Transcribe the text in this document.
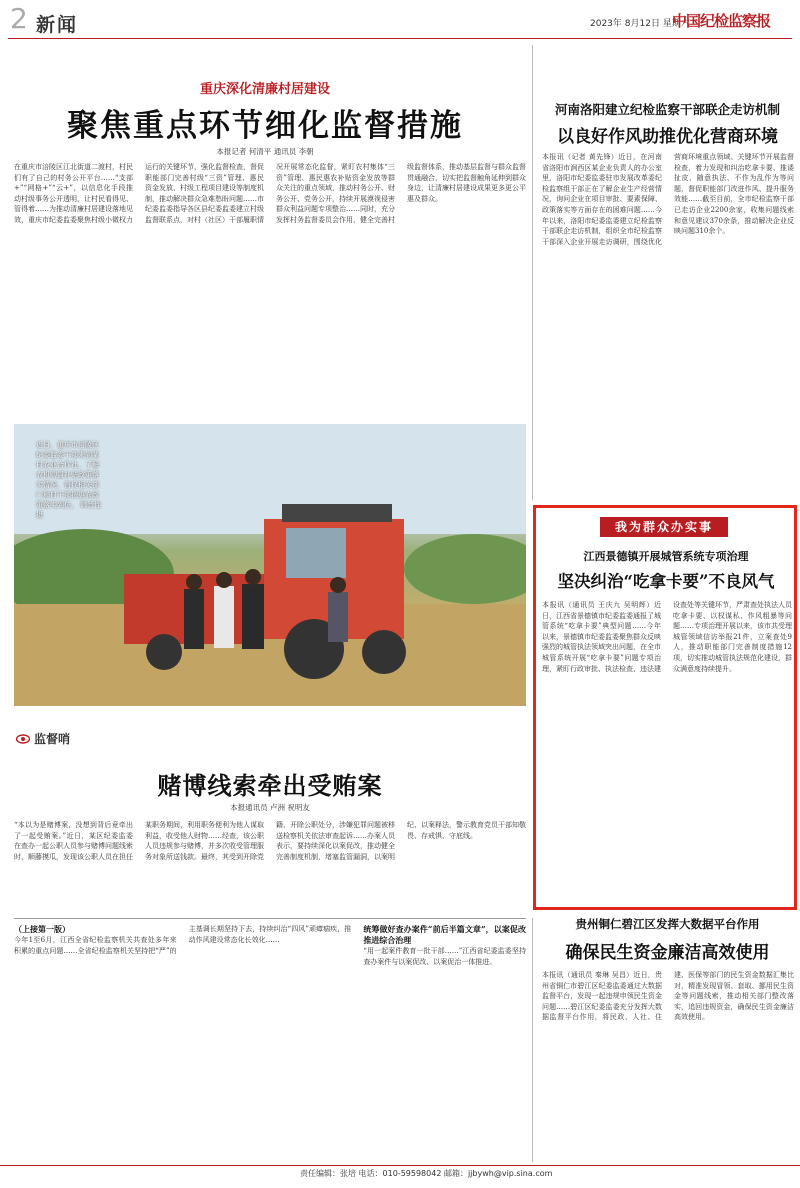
2 新闻	2023年 8月12日 星期六
中国纪检监察报
重庆深化清廉村居建设
聚焦重点环节细化监督措施
本报记者 何清平 通讯员 李朝
在重庆市涪陵区江北街道二渡村，村民们有了自己的村务公开平台……“支部+”“网格+”“云+”，以信息化手段推动村级事务公开透明，让村民看得见、管得着……为推动清廉村居建设落地见效，重庆市纪委监委聚焦村级小微权力运行的关键环节，强化监督检查，督促职能部门完善村级“三资”管理、惠民资金发放、村级工程项目建设等制度机制，推动解决群众急难愁盼问题……市纪委监委指导各区县纪委监委建立村级监督联系点，对村（社区）干部履职情况开展常态化监督，紧盯农村集体“三资”管理、惠民惠农补贴资金发放等群众关注的重点领域，推动村务公开、财务公开、党务公开，持续开展漠视侵害群众利益问题专项整治……同时，充分发挥村务监督委员会作用，健全完善村级监督体系，推动基层监督与群众监督贯通融合，切实把监督触角延伸到群众身边，让清廉村居建设成果更多更公平惠及群众。
河南洛阳建立纪检监察干部联企走访机制
以良好作风助推优化营商环境
本报讯（记者 黄先锋）近日，在河南省洛阳市涧西区某企业负责人的办公室里，洛阳市纪委监委驻市发展改革委纪检监察组干部正在了解企业生产经营情况，询问企业在项目审批、要素保障、政策落实等方面存在的困难问题……今年以来，洛阳市纪委监委建立纪检监察干部联企走访机制，组织全市纪检监察干部深入企业开展走访调研，围绕优化营商环境重点领域、关键环节开展监督检查，着力发现和纠治吃拿卡要、推诿扯皮、随意执法、不作为乱作为等问题，督促职能部门改进作风、提升服务效能……截至目前，全市纪检监察干部已走访企业2200余家，收集问题线索和意见建议370余条，推动解决企业反映问题310余个。
近日，重庆市涪陵区纪委监委干部来到某村农业合作社，了解农机购置补贴政策落实情况，督促相关部门和村干部把惠农政策落实到位。 韩晋性 摄
监督哨
赌博线索牵出受贿案
本报通讯员 卢洲 祝明友
“本以为是赌博案，没想到背后竟牵出了一起受贿案。”近日，某区纪委监委在查办一起公职人员参与赌博问题线索时，顺藤摸瓜，发现该公职人员在担任某职务期间，利用职务便利为他人谋取利益，收受他人财物……经查，该公职人员违规参与赌博，并多次收受管理服务对象所送钱款。最终，其受到开除党籍、开除公职处分，涉嫌犯罪问题被移送检察机关依法审查起诉……办案人员表示，要持续深化以案促改，推动健全完善制度机制，堵塞监管漏洞，以案明纪、以案释法，警示教育党员干部知敬畏、存戒惧、守底线。
我为群众办实事
江西景德镇开展城管系统专项治理
坚决纠治“吃拿卡要”不良风气
本报讯（通讯员 王庆九 吴明辉）近日，江西省景德镇市纪委监委通报了城管系统“吃拿卡要”典型问题……今年以来，景德镇市纪委监委聚焦群众反映强烈的城管执法领域突出问题，在全市城管系统开展“吃拿卡要”问题专项治理，紧盯行政审批、执法检查、违法建设查处等关键环节，严肃查处执法人员吃拿卡要、以权谋私、作风粗暴等问题……专项治理开展以来，该市共受理城管领域信访举报21件，立案查处9人，推动职能部门完善制度措施12项，切实推动城管执法规范化建设，群众满意度持续提升。
（上接第一版）
今年1至6月，江西全省纪检监察机关共查处多年来积累的重点问题……全省纪检监察机关坚持把“严”的主基调长期坚持下去，持续纠治“四风”顽瘴痼疾，推动作风建设常态化长效化……
统筹做好查办案件“前后半篇文章”，以案促改推进综合治理
“用一起案件教育一批干部……”江西省纪委监委坚持查办案件与以案促改、以案促治一体推进。
贵州铜仁碧江区发挥大数据平台作用
确保民生资金廉洁高效使用
本报讯（通讯员 秦琳 吴昌）近日，贵州省铜仁市碧江区纪委监委通过大数据监督平台，发现一起违规申领民生资金问题……碧江区纪委监委充分发挥大数据监督平台作用，将民政、人社、住建、医保等部门的民生资金数据汇集比对，精准发现冒领、套取、挪用民生资金等问题线索，推动相关部门整改落实，追回违规资金，确保民生资金廉洁高效使用。
责任编辑：张培 电话：010-59598042 邮箱：jjbywh@vip.sina.com
